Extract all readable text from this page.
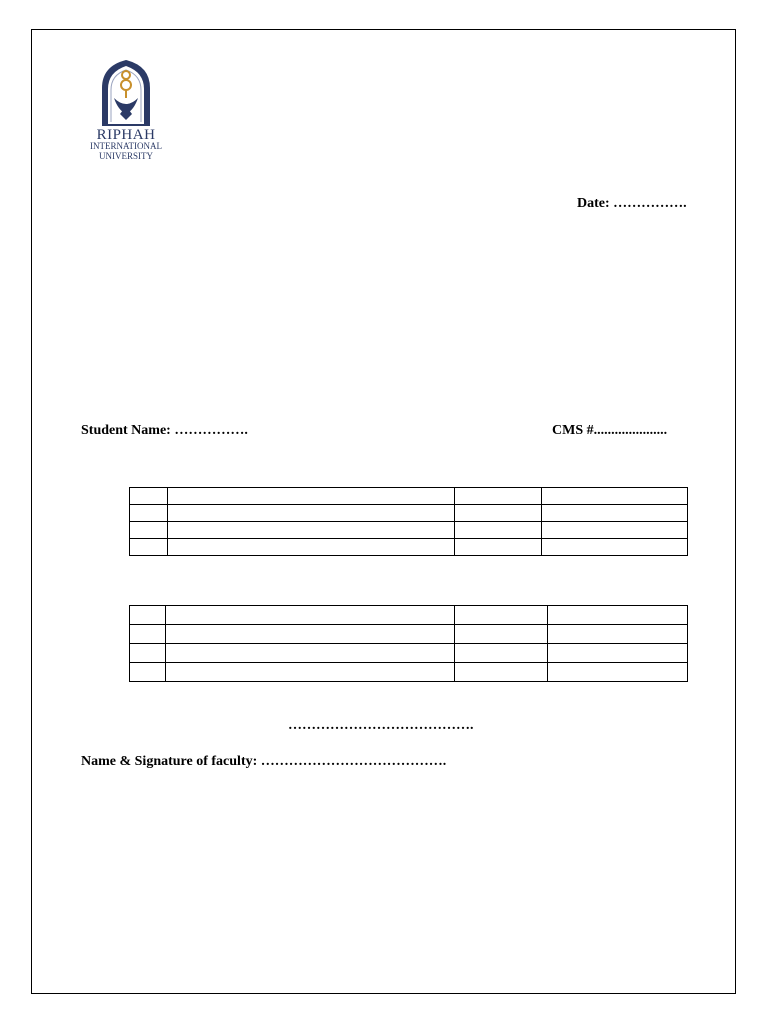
RIPHAH
INTERNATIONAL
UNIVERSITY
Date: …………….
Student Name: …………….	CMS #.....................

………………………………….
Name & Signature of faculty: ………………………………….
